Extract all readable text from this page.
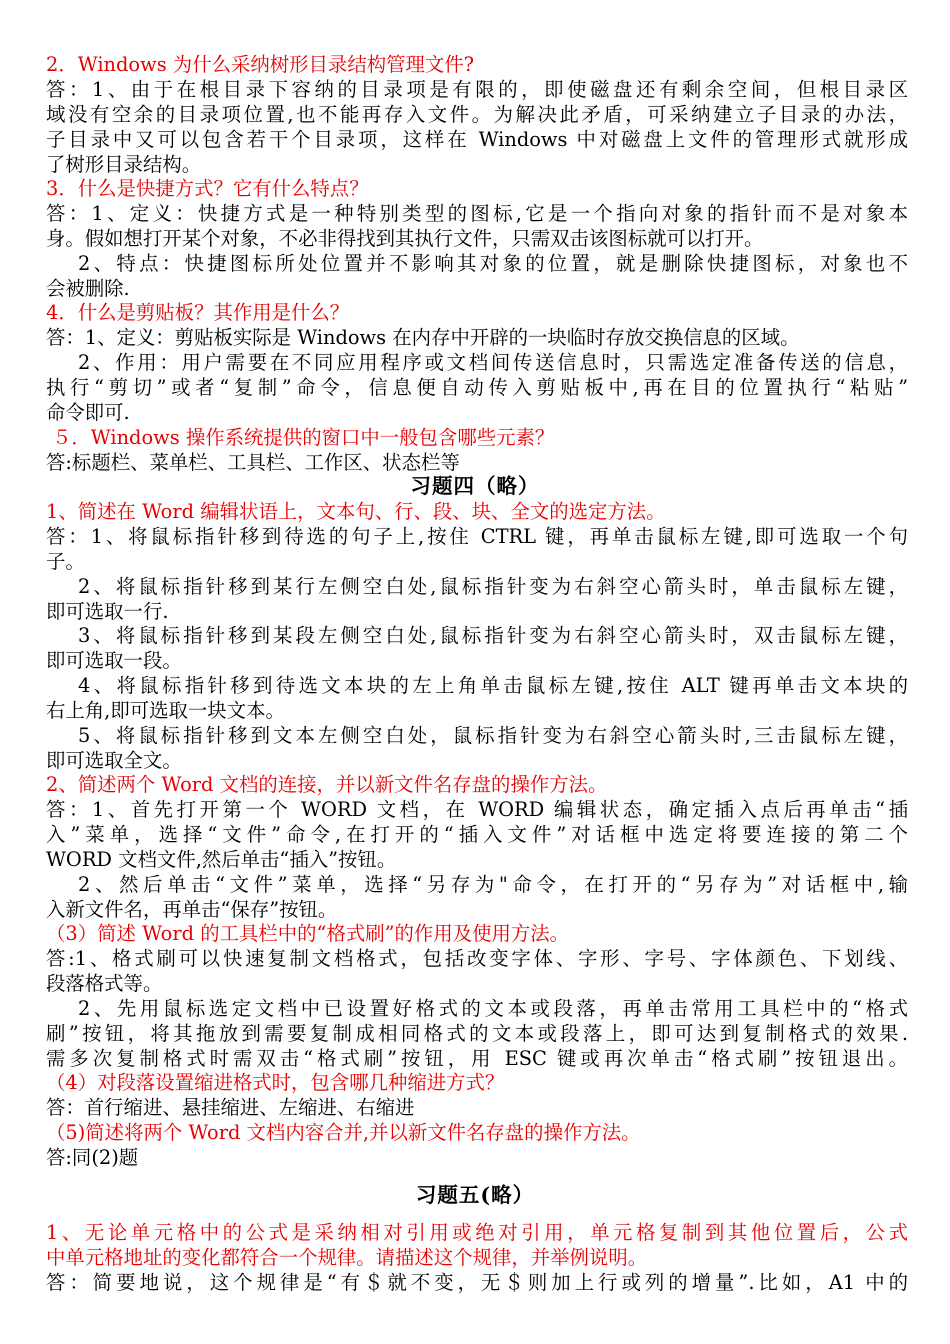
2．Windows 为什么采纳树形目录结构管理文件?
答：1、由于在根目录下容纳的目录项是有限的，即使磁盘还有剩余空间，但根目录区
域没有空余的目录项位置,也不能再存入文件。为解决此矛盾，可采纳建立子目录的办法，
子目录中又可以包含若干个目录项，这样在 Windows 中对磁盘上文件的管理形式就形成
了树形目录结构。
3．什么是快捷方式？它有什么特点？
答：1、定义：快捷方式是一种特别类型的图标,它是一个指向对象的指针而不是对象本
身。假如想打开某个对象，不必非得找到其执行文件，只需双击该图标就可以打开。
2、特点：快捷图标所处位置并不影响其对象的位置，就是删除快捷图标，对象也不
会被删除.
4．什么是剪贴板？其作用是什么？
答：1、定义：剪贴板实际是 Windows 在内存中开辟的一块临时存放交换信息的区域。
2、作用：用户需要在不同应用程序或文档间传送信息时，只需选定准备传送的信息，
执行“剪切”或者“复制”命令，信息便自动传入剪贴板中,再在目的位置执行“粘贴”
命令即可.
５．Windows 操作系统提供的窗口中一般包含哪些元素？
答:标题栏、菜单栏、工具栏、工作区、状态栏等
习题四（略）
1、简述在 Word 编辑状语上，文本句、行、段、块、全文的选定方法。
答：1、将鼠标指针移到待选的句子上,按住 CTRL 键，再单击鼠标左键,即可选取一个句
子。
2、将鼠标指针移到某行左侧空白处,鼠标指针变为右斜空心箭头时，单击鼠标左键，
即可选取一行.
3、将鼠标指针移到某段左侧空白处,鼠标指针变为右斜空心箭头时，双击鼠标左键，
即可选取一段。
4、将鼠标指针移到待选文本块的左上角单击鼠标左键,按住 ALT 键再单击文本块的
右上角,即可选取一块文本。
5、将鼠标指针移到文本左侧空白处，鼠标指针变为右斜空心箭头时,三击鼠标左键，
即可选取全文。
2、简述两个 Word 文档的连接，并以新文件名存盘的操作方法。
答：1、首先打开第一个 WORD 文档，在 WORD 编辑状态，确定插入点后再单击“插
入”菜单，选择“文件”命令,在打开的“插入文件”对话框中选定将要连接的第二个
WORD 文档文件,然后单击“插入”按钮。
2、然后单击“文件”菜单，选择“另存为"命令，在打开的“另存为”对话框中,输
入新文件名，再单击“保存”按钮。
（3）简述 Word 的工具栏中的“格式刷”的作用及使用方法。
答:1、格式刷可以快速复制文档格式，包括改变字体、字形、字号、字体颜色、下划线、
段落格式等。
2、先用鼠标选定文档中已设置好格式的文本或段落，再单击常用工具栏中的“格式
刷”按钮，将其拖放到需要复制成相同格式的文本或段落上，即可达到复制格式的效果.
需多次复制格式时需双击“格式刷”按钮，用 ESC 键或再次单击“格式刷”按钮退出。
（4）对段落设置缩进格式时，包含哪几种缩进方式？
答：首行缩进、悬挂缩进、左缩进、右缩进
（5)简述将两个 Word 文档内容合并,并以新文件名存盘的操作方法。
答:同(2)题
习题五(略）
1、无论单元格中的公式是采纳相对引用或绝对引用，单元格复制到其他位置后，公式
中单元格地址的变化都符合一个规律。请描述这个规律，并举例说明。
答：简要地说，这个规律是“有＄就不变，无＄则加上行或列的增量”.比如，A1 中的
